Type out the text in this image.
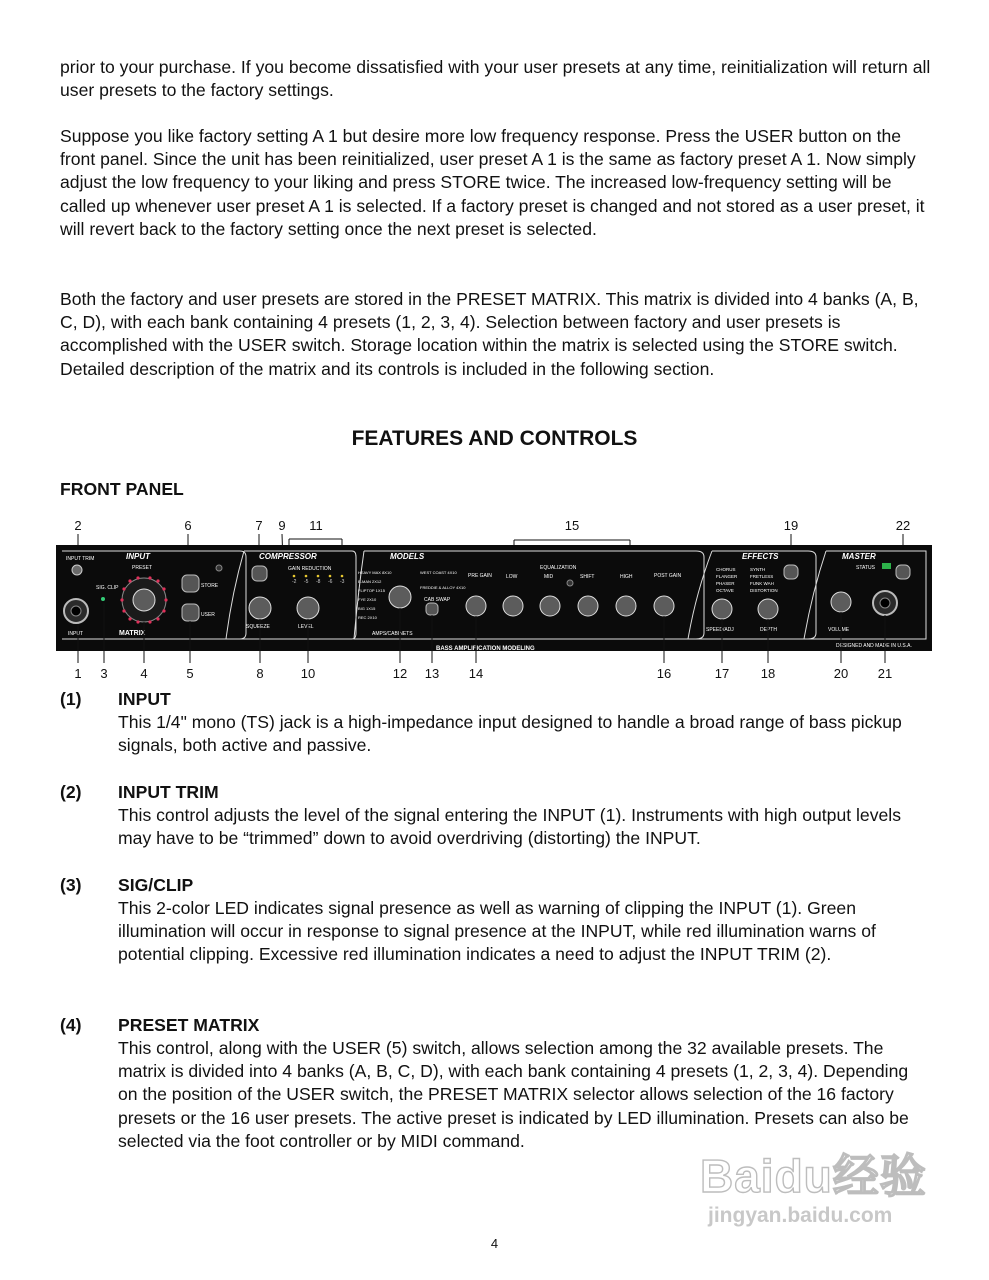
prior to your purchase. If you become dissatisfied with your user presets at any time, reinitialization will return all user presets to the factory settings.

Suppose you like factory setting A 1 but desire more low frequency response. Press the USER button on the front panel. Since the unit has been reinitialized, user preset A 1 is the same as factory preset A 1. Now simply adjust the low frequency to your liking and press STORE twice. The increased low-frequency setting will be called up whenever user preset A 1 is selected. If a factory preset is changed and not stored as a user preset, it will revert back to the factory setting once the next preset is selected.

Both the factory and user presets are stored in the PRESET MATRIX. This matrix is divided into 4 banks (A, B, C, D), with each bank containing 4 presets (1, 2, 3, 4). Selection between factory and user presets is accomplished with the USER switch. Storage location within the matrix is selected using the STORE switch. Detailed description of the matrix and its controls is included in the following section.

FEATURES AND CONTROLS
FRONT PANEL
2	6	7 9 11	15	19	22
INPUT	COMPRESSOR	MODELS	EFFECTS	MASTER
INPUT TRIM
PRESET
SIG. CLIP
INPUT	MATRIX
STORE
USER
GAIN REDUCTION
SQUEEZE	LEVEL
-2 -5 -8 -6 -3
HEAVY MAX 8X10
B-MAN 2X12
FLIPTOP 1X15
FYE 2X10
BIG 1X15
REC 2X10
WEST COAST 4X10
FREDDIE & ALLOY 4X10
AMPS/CABINETS
CAB SWAP
PRE GAIN
EQUALIZATION
LOW	MID	SHIFT	HIGH	POST GAIN
BASS AMPLIFICATION MODELING
CHORUS
FLANGER
PHASER
OCTAVE
SYNTH
FRETLESS
FUNK WAH
DISTORTION
SPEED/ADJ	DEPTH
STATUS
VOLUME
DESIGNED AND MADE IN U.S.A.
1 3	4	5	8	10	12 13 14	16	17 18	20 21
(1) INPUT

This 1/4" mono (TS) jack is a high-impedance input designed to handle a broad range of bass pickup signals, both active and passive.

(2) INPUT TRIM

This control adjusts the level of the signal entering the INPUT (1). Instruments with high output levels may have to be “trimmed” down to avoid overdriving (distorting) the INPUT.

(3) SIG/CLIP

This 2-color LED indicates signal presence as well as warning of clipping the INPUT (1). Green illumination will occur in response to signal presence at the INPUT, while red illumination warns of potential clipping. Excessive red illumination indicates a need to adjust the INPUT TRIM (2).

(4) PRESET MATRIX

This control, along with the USER (5) switch, allows selection among the 32 available presets. The matrix is divided into 4 banks (A, B, C, D), with each bank containing 4 presets (1, 2, 3, 4). Depending on the position of the USER switch, the PRESET MATRIX selector allows selection of the 16 factory presets or the 16 user presets. The active preset is indicated by LED illumination. Presets can also be selected via the foot controller or by MIDI command.

4
Baidu经验
jingyan.baidu.com
